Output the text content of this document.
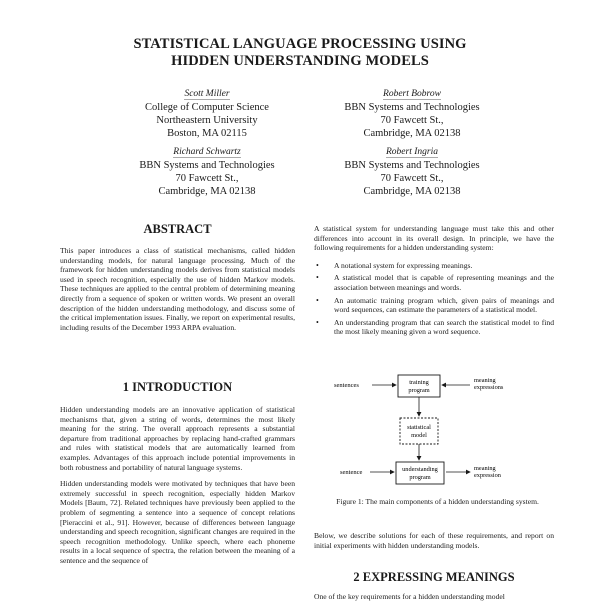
STATISTICAL LANGUAGE PROCESSING USING
HIDDEN UNDERSTANDING MODELS
Scott Miller
College of Computer Science
Northeastern University
Boston, MA 02115
Robert Bobrow
BBN Systems and Technologies
70 Fawcett St.,
Cambridge, MA 02138
Richard Schwartz
BBN Systems and Technologies
70 Fawcett St.,
Cambridge, MA 02138
Robert Ingria
BBN Systems and Technologies
70 Fawcett St.,
Cambridge, MA 02138
ABSTRACT

This paper introduces a class of statistical mechanisms, called hidden understanding models, for natural language processing. Much of the framework for hidden understanding models derives from statistical models used in speech recognition, especially the use of hidden Markov models. These techniques are applied to the central problem of determining meaning directly from a sequence of spoken or written words. We present an overall description of the hidden understanding methodology, and discuss some of the critical implementation issues. Finally, we report on experimental results, including results of the December 1993 ARPA evaluation.

1 INTRODUCTION

Hidden understanding models are an innovative application of statistical mechanisms that, given a string of words, determines the most likely meaning for the string. The overall approach represents a substantial departure from traditional approaches by replacing hand-crafted grammars and rules with statistical models that are automatically learned from examples. Advantages of this approach include potential improvements in both robustness and portability of natural language systems.

Hidden understanding models were motivated by techniques that have been extremely successful in speech recognition, especially hidden Markov Models [Baum, 72]. Related techniques have previously been applied to the problem of segmenting a sentence into a sequence of concept relations [Pieraccini et al., 91]. However, because of differences between language understanding and speech recognition, significant changes are required in the speech recognition methodology. Unlike speech, where each phoneme results in a local sequence of spectra, the relation between the meaning of a sentence and the sequence of

A statistical system for understanding language must take this and other differences into account in its overall design. In principle, we have the following requirements for a hidden understanding system:

• A notational system for expressing meanings.
• A statistical model that is capable of representing meanings and the association between meanings and words.
• An automatic training program which, given pairs of meanings and word sequences, can estimate the parameters of a statistical model.
• An understanding program that can search the statistical model to find the most likely meaning given a word sequence.
sentences	training
program
meaning
expressions
statistical
model
sentence	understanding
program
meaning
expression
Figure 1: The main components of a hidden understanding system.

Below, we describe solutions for each of these requirements, and report on initial experiments with hidden understanding models.

2 EXPRESSING MEANINGS

One of the key requirements for a hidden understanding model
